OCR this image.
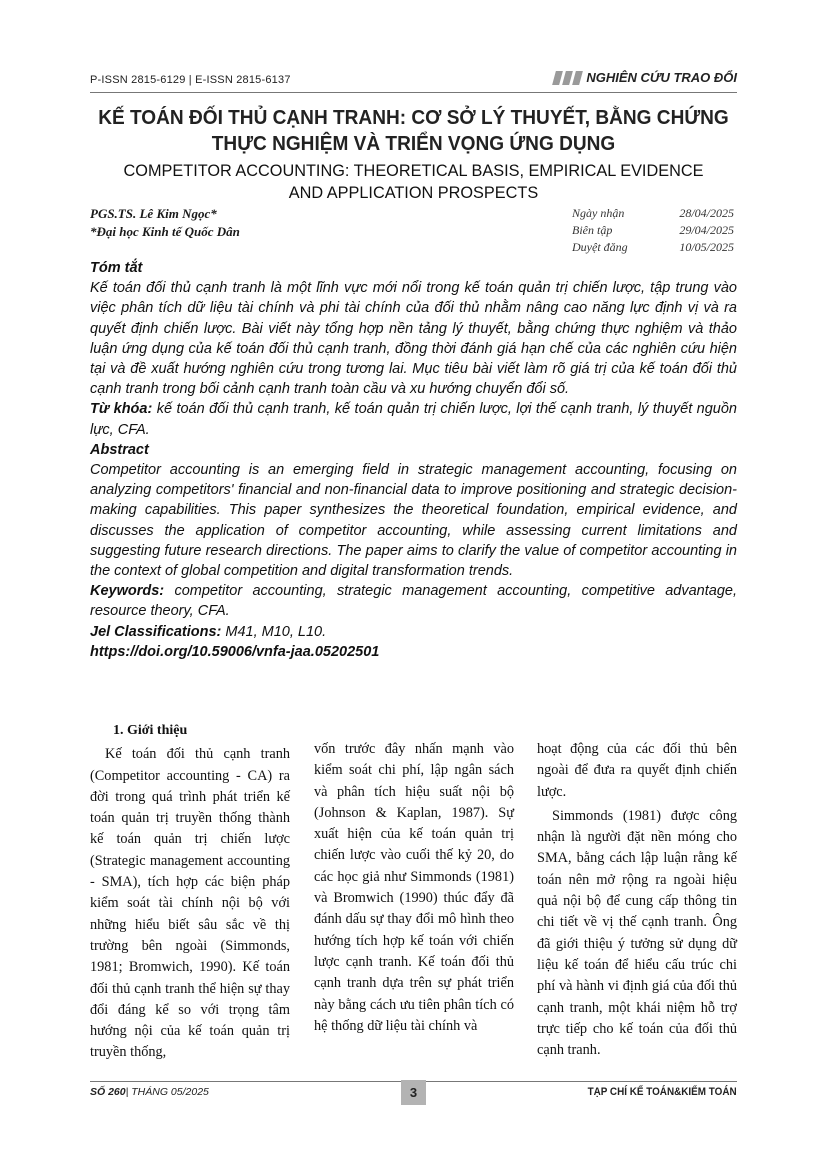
P-ISSN 2815-6129 | E-ISSN 2815-6137	NGHIÊN CỨU TRAO ĐỔI
KẾ TOÁN ĐỐI THỦ CẠNH TRANH: CƠ SỞ LÝ THUYẾT, BẰNG CHỨNG
THỰC NGHIỆM VÀ TRIỂN VỌNG ỨNG DỤNG
COMPETITOR ACCOUNTING: THEORETICAL BASIS, EMPIRICAL EVIDENCE
AND APPLICATION PROSPECTS
PGS.TS. Lê Kim Ngọc*
*Đại học Kinh tế Quốc Dân
Ngày nhận	28/04/2025
Biên tập	29/04/2025
Duyệt đăng	10/05/2025

Tóm tắt

Kế toán đối thủ cạnh tranh là một lĩnh vực mới nổi trong kế toán quản trị chiến lược, tập trung vào việc phân tích dữ liệu tài chính và phi tài chính của đối thủ nhằm nâng cao năng lực định vị và ra quyết định chiến lược. Bài viết này tổng hợp nền tảng lý thuyết, bằng chứng thực nghiệm và thảo luận ứng dụng của kế toán đối thủ cạnh tranh, đồng thời đánh giá hạn chế của các nghiên cứu hiện tại và đề xuất hướng nghiên cứu trong tương lai. Mục tiêu bài viết làm rõ giá trị của kế toán đối thủ cạnh tranh trong bối cảnh cạnh tranh toàn cầu và xu hướng chuyển đổi số.

Từ khóa: kế toán đối thủ cạnh tranh, kế toán quản trị chiến lược, lợi thế cạnh tranh, lý thuyết nguồn lực, CFA.

Abstract

Competitor accounting is an emerging field in strategic management accounting, focusing on analyzing competitors' financial and non-financial data to improve positioning and strategic decision-making capabilities. This paper synthesizes the theoretical foundation, empirical evidence, and discusses the application of competitor accounting, while assessing current limitations and suggesting future research directions. The paper aims to clarify the value of competitor accounting in the context of global competition and digital transformation trends.

Keywords: competitor accounting, strategic management accounting, competitive advantage, resource theory, CFA.

Jel Classifications: M41, M10, L10.

https://doi.org/10.59006/vnfa-jaa.05202501

1. Giới thiệu

Kế toán đối thủ cạnh tranh (Competitor accounting - CA) ra đời trong quá trình phát triển kế toán quản trị truyền thống thành kế toán quản trị chiến lược (Strategic management accounting - SMA), tích hợp các biện pháp kiểm soát tài chính nội bộ với những hiểu biết sâu sắc về thị trường bên ngoài (Simmonds, 1981; Bromwich, 1990). Kế toán đối thủ cạnh tranh thể hiện sự thay đổi đáng kể so với trọng tâm hướng nội của kế toán quản trị truyền thống,

vốn trước đây nhấn mạnh vào kiểm soát chi phí, lập ngân sách và phân tích hiệu suất nội bộ (Johnson & Kaplan, 1987). Sự xuất hiện của kế toán quản trị chiến lược vào cuối thế kỷ 20, do các học giả như Simmonds (1981) và Bromwich (1990) thúc đẩy đã đánh dấu sự thay đổi mô hình theo hướng tích hợp kế toán với chiến lược cạnh tranh. Kế toán đối thủ cạnh tranh dựa trên sự phát triển này bằng cách ưu tiên phân tích có hệ thống dữ liệu tài chính và

hoạt động của các đối thủ bên ngoài để đưa ra quyết định chiến lược.

Simmonds (1981) được công nhận là người đặt nền móng cho SMA, bằng cách lập luận rằng kế toán nên mở rộng ra ngoài hiệu quả nội bộ để cung cấp thông tin chi tiết về vị thế cạnh tranh. Ông đã giới thiệu ý tưởng sử dụng dữ liệu kế toán để hiểu cấu trúc chi phí và hành vi định giá của đối thủ cạnh tranh, một khái niệm hỗ trợ trực tiếp cho kế toán của đối thủ cạnh tranh.

SỐ 260| THÁNG 05/2025	3	TẠP CHÍ KẾ TOÁN&KIỂM TOÁN
